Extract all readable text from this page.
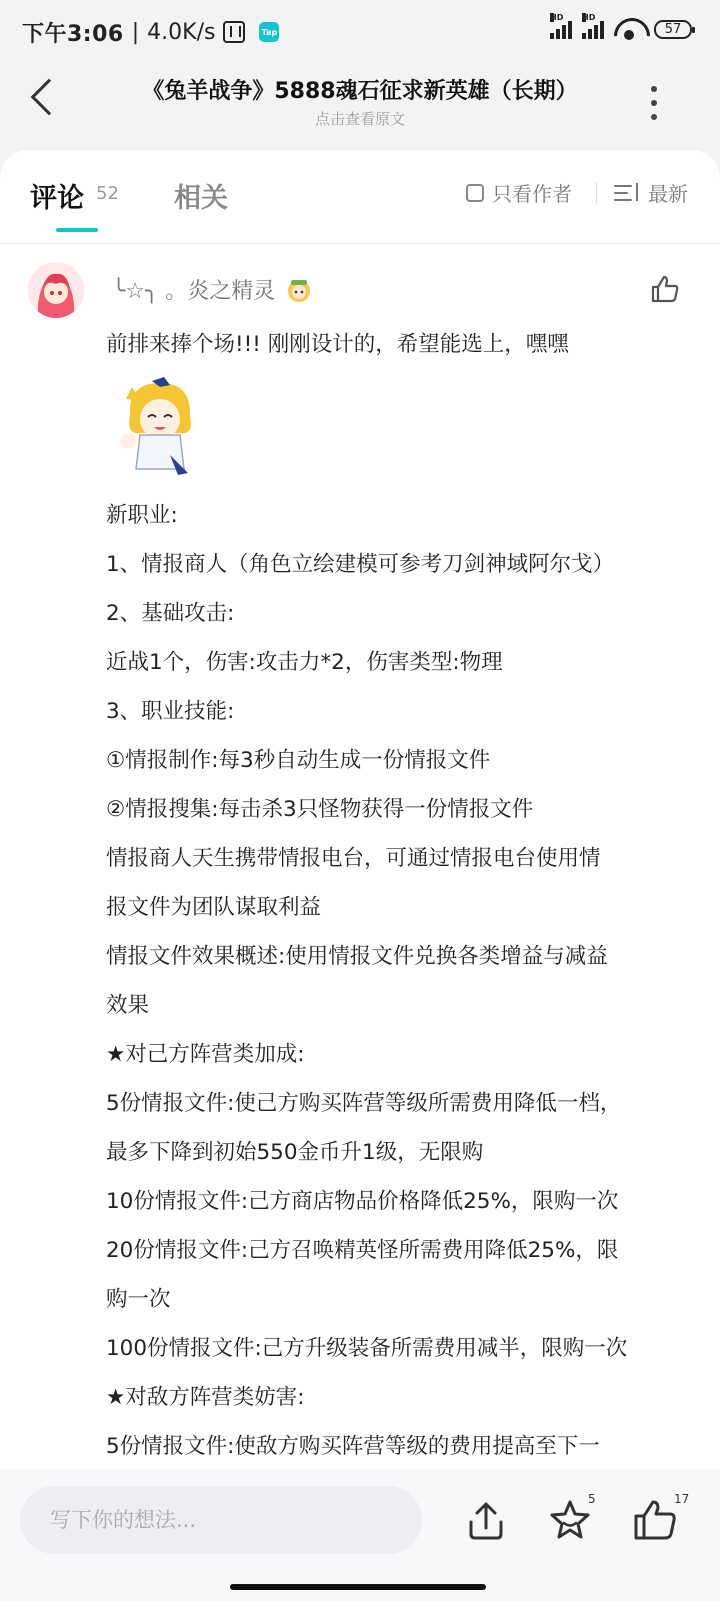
下午3:06 | 4.0K/s	Tap
HD HD
57
《兔羊战争》5888魂石征求新英雄（长期）
点击查看原文
评论 52 相关	只看作者	最新
╰☆╮ 。炎之精灵

前排来捧个场!!! 刚刚设计的，希望能选上，嘿嘿

新职业:

1、情报商人（角色立绘建模可参考刀剑神域阿尔戈）

2、基础攻击:

近战1个，伤害:攻击力*2，伤害类型:物理

3、职业技能:

①情报制作:每3秒自动生成一份情报文件

②情报搜集:每击杀3只怪物获得一份情报文件

情报商人天生携带情报电台，可通过情报电台使用情

报文件为团队谋取利益

情报文件效果概述:使用情报文件兑换各类增益与减益

效果

★对己方阵营类加成:

5份情报文件:使己方购买阵营等级所需费用降低一档，

最多下降到初始550金币升1级，无限购

10份情报文件:己方商店物品价格降低25%，限购一次

20份情报文件:己方召唤精英怪所需费用降低25%，限

购一次

100份情报文件:己方升级装备所需费用减半，限购一次

★对敌方阵营类妨害:

5份情报文件:使敌方购买阵营等级的费用提高至下一

写下你的想法...
5	17
